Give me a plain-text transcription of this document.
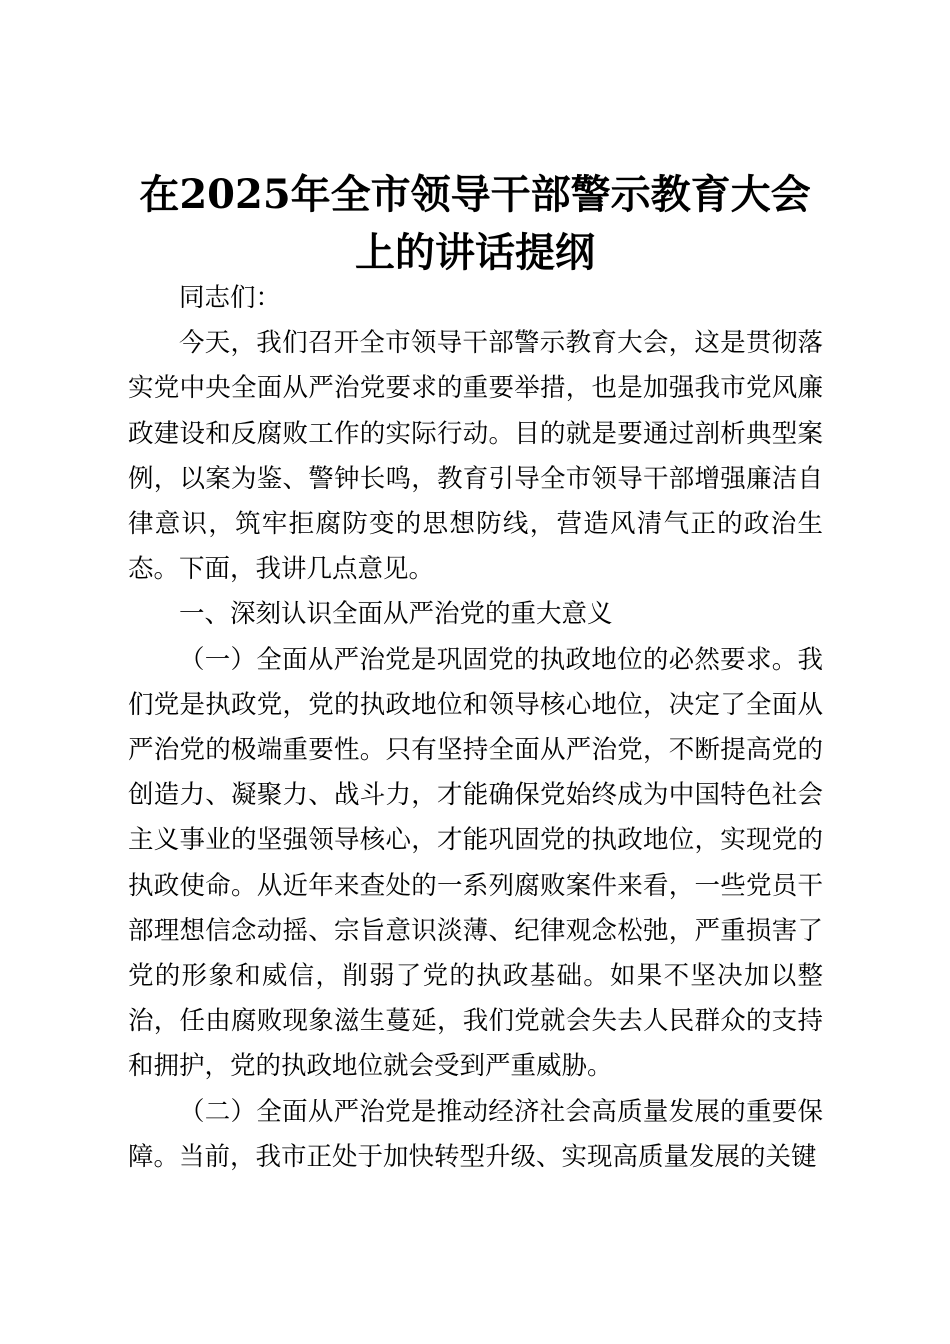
在2025年全市领导干部警示教育大会上的讲话提纲

同志们：

今天，我们召开全市领导干部警示教育大会，这是贯彻落实党中央全面从严治党要求的重要举措，也是加强我市党风廉政建设和反腐败工作的实际行动。目的就是要通过剖析典型案例，以案为鉴、警钟长鸣，教育引导全市领导干部增强廉洁自律意识，筑牢拒腐防变的思想防线，营造风清气正的政治生态。下面，我讲几点意见。

一、深刻认识全面从严治党的重大意义

（一）全面从严治党是巩固党的执政地位的必然要求。我们党是执政党，党的执政地位和领导核心地位，决定了全面从严治党的极端重要性。只有坚持全面从严治党，不断提高党的创造力、凝聚力、战斗力，才能确保党始终成为中国特色社会主义事业的坚强领导核心，才能巩固党的执政地位，实现党的执政使命。从近年来查处的一系列腐败案件来看，一些党员干部理想信念动摇、宗旨意识淡薄、纪律观念松弛，严重损害了党的形象和威信，削弱了党的执政基础。如果不坚决加以整治，任由腐败现象滋生蔓延，我们党就会失去人民群众的支持和拥护，党的执政地位就会受到严重威胁。

（二）全面从严治党是推动经济社会高质量发展的重要保障。当前，我市正处于加快转型升级、实现高质量发展的关键
